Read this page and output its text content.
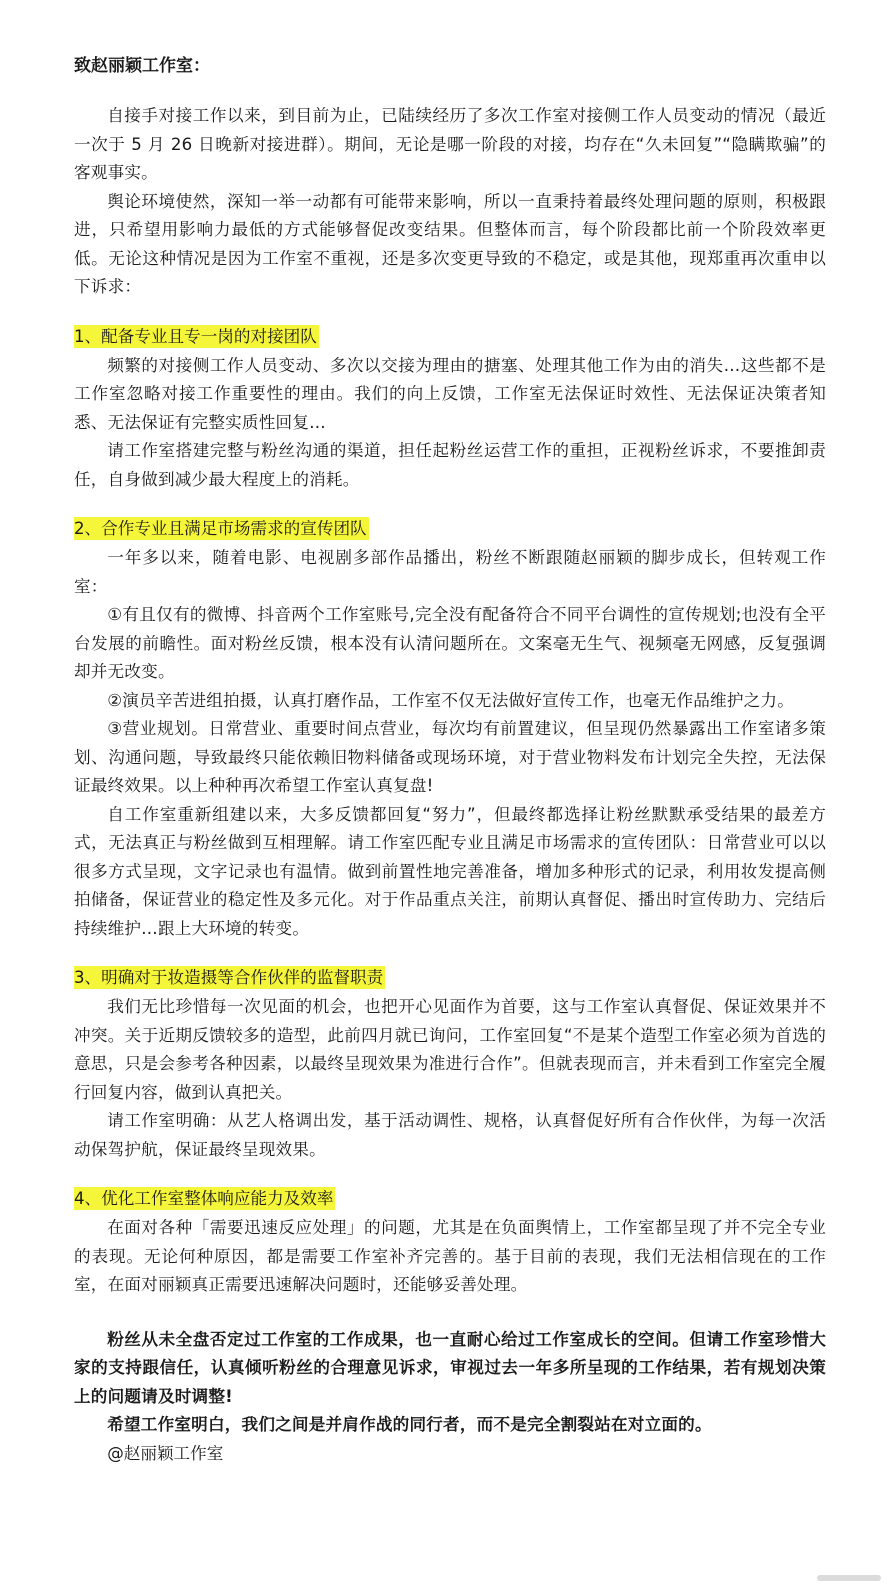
致赵丽颖工作室：

自接手对接工作以来，到目前为止，已陆续经历了多次工作室对接侧工作人员变动的情况（最近一次于 5 月 26 日晚新对接进群）。期间，无论是哪一阶段的对接，均存在“久未回复”“隐瞒欺骗”的客观事实。

舆论环境使然，深知一举一动都有可能带来影响，所以一直秉持着最终处理问题的原则，积极跟进，只希望用影响力最低的方式能够督促改变结果。但整体而言，每个阶段都比前一个阶段效率更低。无论这种情况是因为工作室不重视，还是多次变更导致的不稳定，或是其他，现郑重再次重申以下诉求：

1、配备专业且专一岗的对接团队

频繁的对接侧工作人员变动、多次以交接为理由的搪塞、处理其他工作为由的消失…这些都不是工作室忽略对接工作重要性的理由。我们的向上反馈，工作室无法保证时效性、无法保证决策者知悉、无法保证有完整实质性回复…

请工作室搭建完整与粉丝沟通的渠道，担任起粉丝运营工作的重担，正视粉丝诉求，不要推卸责任，自身做到减少最大程度上的消耗。

2、合作专业且满足市场需求的宣传团队

一年多以来，随着电影、电视剧多部作品播出，粉丝不断跟随赵丽颖的脚步成长，但转观工作室：

①有且仅有的微博、抖音两个工作室账号,完全没有配备符合不同平台调性的宣传规划;也没有全平台发展的前瞻性。面对粉丝反馈，根本没有认清问题所在。文案毫无生气、视频毫无网感，反复强调却并无改变。

②演员辛苦进组拍摄，认真打磨作品，工作室不仅无法做好宣传工作，也毫无作品维护之力。

③营业规划。日常营业、重要时间点营业，每次均有前置建议，但呈现仍然暴露出工作室诸多策划、沟通问题，导致最终只能依赖旧物料储备或现场环境，对于营业物料发布计划完全失控，无法保证最终效果。以上种种再次希望工作室认真复盘!

自工作室重新组建以来，大多反馈都回复“努力”，但最终都选择让粉丝默默承受结果的最差方式，无法真正与粉丝做到互相理解。请工作室匹配专业且满足市场需求的宣传团队：日常营业可以以很多方式呈现，文字记录也有温情。做到前置性地完善准备，增加多种形式的记录，利用妆发提高侧拍储备，保证营业的稳定性及多元化。对于作品重点关注，前期认真督促、播出时宣传助力、完结后持续维护…跟上大环境的转变。

3、明确对于妆造摄等合作伙伴的监督职责

我们无比珍惜每一次见面的机会，也把开心见面作为首要，这与工作室认真督促、保证效果并不冲突。关于近期反馈较多的造型，此前四月就已询问，工作室回复“不是某个造型工作室必须为首选的意思，只是会参考各种因素，以最终呈现效果为准进行合作”。但就表现而言，并未看到工作室完全履行回复内容，做到认真把关。

请工作室明确：从艺人格调出发，基于活动调性、规格，认真督促好所有合作伙伴，为每一次活动保驾护航，保证最终呈现效果。

4、优化工作室整体响应能力及效率

在面对各种「需要迅速反应处理」的问题，尤其是在负面舆情上，工作室都呈现了并不完全专业的表现。无论何种原因，都是需要工作室补齐完善的。基于目前的表现，我们无法相信现在的工作室，在面对丽颖真正需要迅速解决问题时，还能够妥善处理。

粉丝从未全盘否定过工作室的工作成果，也一直耐心给过工作室成长的空间。但请工作室珍惜大家的支持跟信任，认真倾听粉丝的合理意见诉求，审视过去一年多所呈现的工作结果，若有规划决策上的问题请及时调整!

希望工作室明白，我们之间是并肩作战的同行者，而不是完全割裂站在对立面的。

@赵丽颖工作室
